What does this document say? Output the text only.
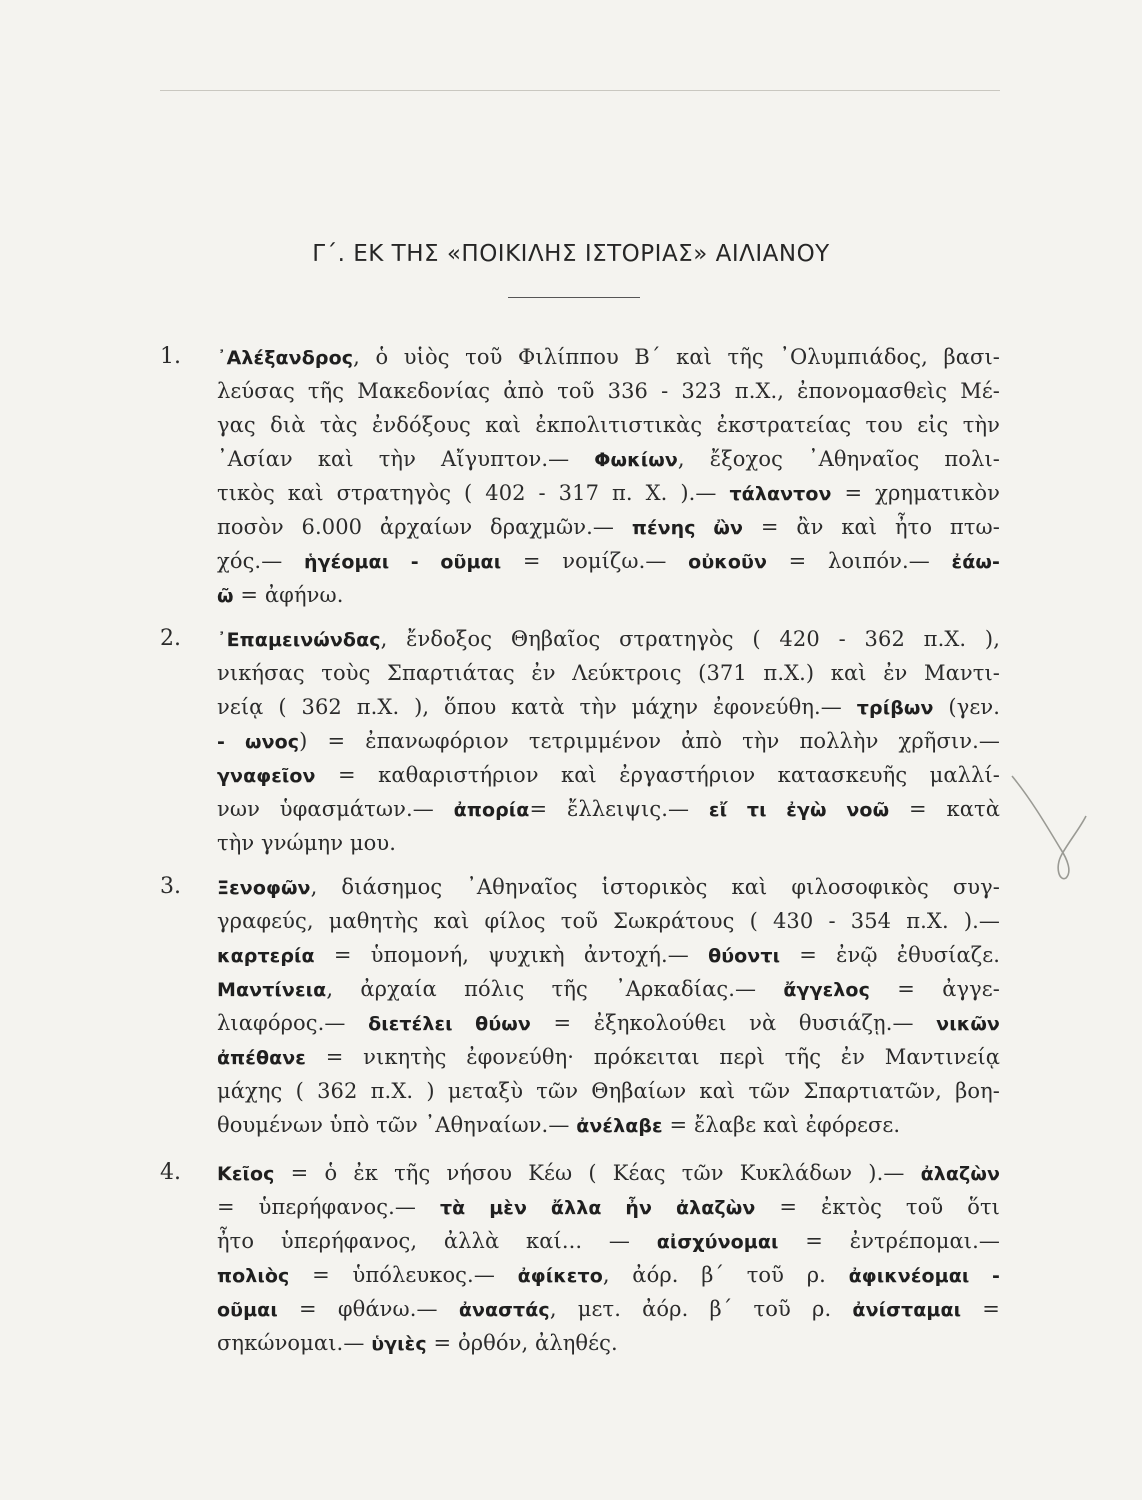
Γ΄. ΕΚ ΤΗΣ «ΠΟΙΚΙΛΗΣ ΙΣΤΟΡΙΑΣ» ΑΙΛΙΑΝΟΥ
1.	᾿Αλέξανδρος, ὁ υἱὸς τοῦ Φιλίππου Β΄ καὶ τῆς ᾿Ολυμπιάδος, βασι-
λεύσας τῆς Μακεδονίας ἀπὸ τοῦ 336 - 323 π.Χ., ἐπονομασθεὶς Μέ-
γας διὰ τὰς ἐνδόξους καὶ ἐκπολιτιστικὰς ἐκστρατείας του εἰς τὴν
᾿Ασίαν καὶ τὴν Αἴγυπτον.— Φωκίων, ἔξοχος ᾿Αθηναῖος πολι-
τικὸς καὶ στρατηγὸς ( 402 - 317 π. Χ. ).— τάλαντον = χρηματικὸν
ποσὸν 6.000 ἀρχαίων δραχμῶν.— πένης ὢν = ἂν καὶ ἦτο πτω-
χός.— ἡγέομαι - οῦμαι = νομίζω.— οὐκοῦν = λοιπόν.— ἐάω-
ῶ = ἀφήνω.
2.	᾿Επαμεινώνδας, ἔνδοξος Θηβαῖος στρατηγὸς ( 420 - 362 π.Χ. ),
νικήσας τοὺς Σπαρτιάτας ἐν Λεύκτροις (371 π.Χ.) καὶ ἐν Μαντι-
νείᾳ ( 362 π.Χ. ), ὅπου κατὰ τὴν μάχην ἐφονεύθη.— τρίβων (γεν.
- ωνος) = ἐπανωφόριον τετριμμένον ἀπὸ τὴν πολλὴν χρῆσιν.—
γναφεῖον = καθαριστήριον καὶ ἐργαστήριον κατασκευῆς μαλλί-
νων ὑφασμάτων.— ἀπορία= ἔλλειψις.— εἴ τι ἐγὼ νοῶ = κατὰ
τὴν γνώμην μου.
3.	Ξενοφῶν, διάσημος ᾿Αθηναῖος ἱστορικὸς καὶ φιλοσοφικὸς συγ-
γραφεύς, μαθητὴς καὶ φίλος τοῦ Σωκράτους ( 430 - 354 π.Χ. ).—
καρτερία = ὑπομονή, ψυχικὴ ἀντοχή.— θύοντι = ἐνῷ ἐθυσίαζε.
Μαντίνεια, ἀρχαία πόλις τῆς ᾿Αρκαδίας.— ἄγγελος = ἀγγε-
λιαφόρος.— διετέλει θύων = ἐξηκολούθει νὰ θυσιάζῃ.— νικῶν
ἀπέθανε = νικητὴς ἐφονεύθη· πρόκειται περὶ τῆς ἐν Μαντινείᾳ
μάχης ( 362 π.Χ. ) μεταξὺ τῶν Θηβαίων καὶ τῶν Σπαρτιατῶν, βοη-
θουμένων ὑπὸ τῶν ᾿Αθηναίων.— ἀνέλαβε = ἔλαβε καὶ ἐφόρεσε.
4.	Κεῖος = ὁ ἐκ τῆς νήσου Κέω ( Κέας τῶν Κυκλάδων ).— ἀλαζὼν
= ὑπερήφανος.— τὰ μὲν ἄλλα ἦν ἀλαζὼν = ἐκτὸς τοῦ ὅτι
ἦτο ὑπερήφανος, ἀλλὰ καί... — αἰσχύνομαι = ἐντρέπομαι.—
πολιὸς = ὑπόλευκος.— ἀφίκετο, ἀόρ. β΄ τοῦ ρ. ἀφικνέομαι -
οῦμαι = φθάνω.— ἀναστάς, μετ. ἀόρ. β΄ τοῦ ρ. ἀνίσταμαι =
σηκώνομαι.— ὑγιὲς = ὀρθόν, ἀληθές.
